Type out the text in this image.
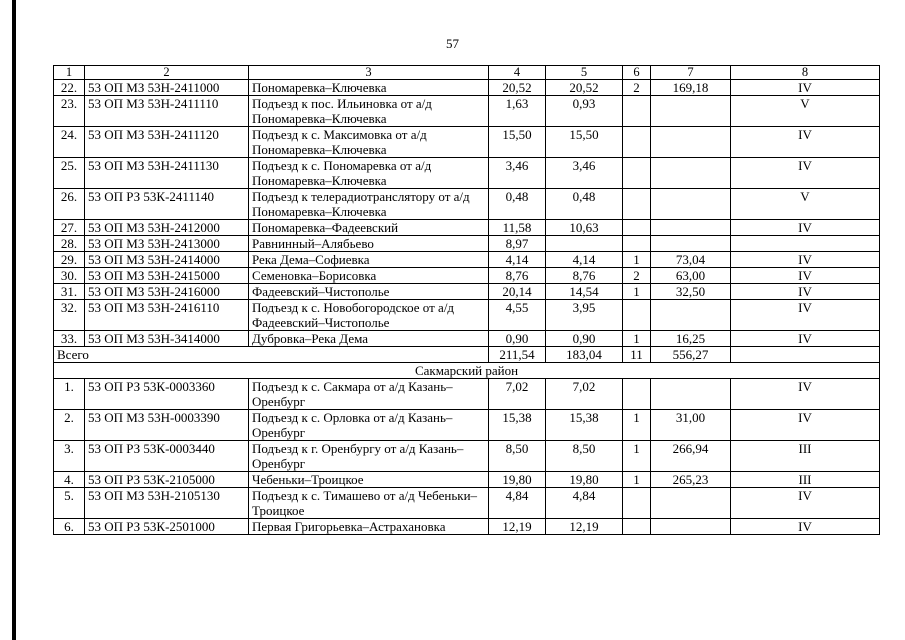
57
1	2	3	4	5	6	7	8
22.	53 ОП МЗ 53Н-2411000	Пономаревка–Ключевка	20,52	20,52	2	169,18	IV
23.	53 ОП МЗ 53Н-2411110	Подъезд к пос. Ильиновка от а/д Пономаревка–Ключевка	1,63	0,93			V
24.	53 ОП МЗ 53Н-2411120	Подъезд к с. Максимовка от а/д Пономаревка–Ключевка	15,50	15,50			IV
25.	53 ОП МЗ 53Н-2411130	Подъезд к с. Пономаревка от а/д Пономаревка–Ключевка	3,46	3,46			IV
26.	53 ОП РЗ 53К-2411140	Подъезд к телерадиотранслятору от а/д Пономаревка–Ключевка	0,48	0,48			V
27.	53 ОП МЗ 53Н-2412000	Пономаревка–Фадеевский	11,58	10,63			IV
28.	53 ОП МЗ 53Н-2413000	Равнинный–Алябьево	8,97				
29.	53 ОП МЗ 53Н-2414000	Река Дема–Софиевка	4,14	4,14	1	73,04	IV
30.	53 ОП МЗ 53Н-2415000	Семеновка–Борисовка	8,76	8,76	2	63,00	IV
31.	53 ОП МЗ 53Н-2416000	Фадеевский–Чистополье	20,14	14,54	1	32,50	IV
32.	53 ОП МЗ 53Н-2416110	Подъезд к с. Новобогородское от а/д Фадеевский–Чистополье	4,55	3,95			IV
33.	53 ОП МЗ 53Н-3414000	Дубровка–Река Дема	0,90	0,90	1	16,25	IV
Всего			211,54	183,04	11	556,27	
Сакмарский район							
1.	53 ОП РЗ 53К-0003360	Подъезд к с. Сакмара от а/д Казань–Оренбург	7,02	7,02			IV
2.	53 ОП МЗ 53Н-0003390	Подъезд к с. Орловка от а/д Казань–Оренбург	15,38	15,38	1	31,00	IV
3.	53 ОП РЗ 53К-0003440	Подъезд к г. Оренбургу от а/д Казань–Оренбург	8,50	8,50	1	266,94	III
4.	53 ОП РЗ 53К-2105000	Чебеньки–Троицкое	19,80	19,80	1	265,23	III
5.	53 ОП МЗ 53Н-2105130	Подъезд к с. Тимашево от а/д Чебеньки–Троицкое	4,84	4,84			IV
6.	53 ОП РЗ 53К-2501000	Первая Григорьевка–Астрахановка	12,19	12,19			IV
